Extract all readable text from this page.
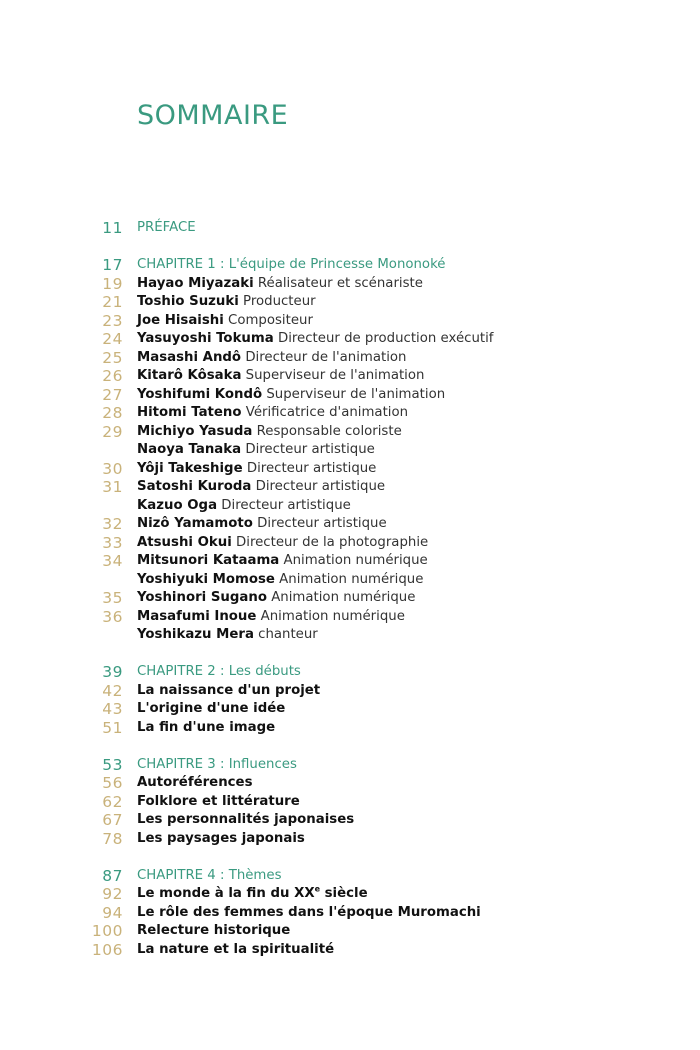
SOMMAIRE
11 PRÉFACE
17 CHAPITRE 1 : L'équipe de Princesse Mononoké
19 Hayao Miyazaki Réalisateur et scénariste
21 Toshio Suzuki Producteur
23 Joe Hisaishi Compositeur
24 Yasuyoshi Tokuma Directeur de production exécutif
25 Masashi Andô Directeur de l'animation
26 Kitarô Kôsaka Superviseur de l'animation
27 Yoshifumi Kondô Superviseur de l'animation
28 Hitomi Tateno Vérificatrice d'animation
29 Michiyo Yasuda Responsable coloriste
Naoya Tanaka Directeur artistique
30 Yôji Takeshige Directeur artistique
31 Satoshi Kuroda Directeur artistique
Kazuo Oga Directeur artistique
32 Nizô Yamamoto Directeur artistique
33 Atsushi Okui Directeur de la photographie
34 Mitsunori Kataama Animation numérique
Yoshiyuki Momose Animation numérique
35 Yoshinori Sugano Animation numérique
36 Masafumi Inoue Animation numérique
Yoshikazu Mera chanteur
39 CHAPITRE 2 : Les débuts
42 La naissance d'un projet
43 L'origine d'une idée
51 La fin d'une image
53 CHAPITRE 3 : Influences
56 Autoréférences
62 Folklore et littérature
67 Les personnalités japonaises
78 Les paysages japonais
87 CHAPITRE 4 : Thèmes
92 Le monde à la fin du XXe siècle
94 Le rôle des femmes dans l'époque Muromachi
100 Relecture historique
106 La nature et la spiritualité
